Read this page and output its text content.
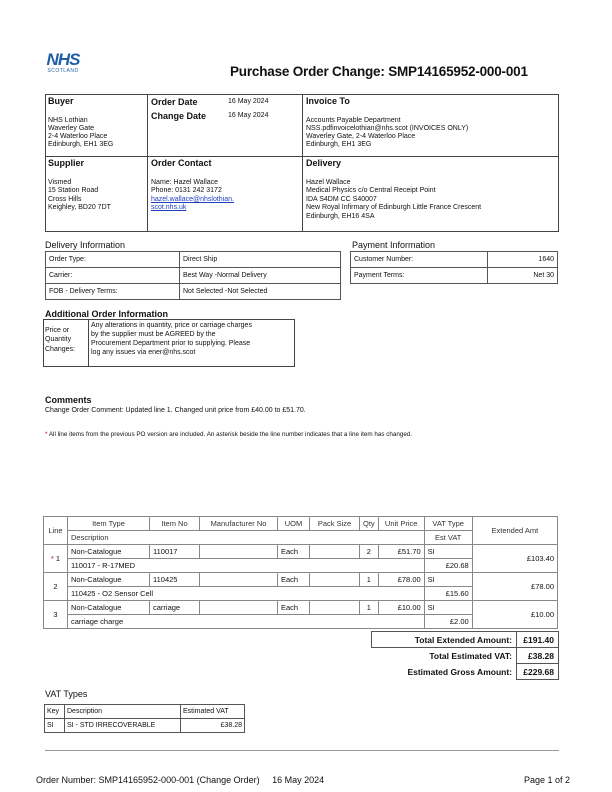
NHS
SCOTLAND	Purchase Order Change: SMP14165952-000-001
Buyer
NHS Lothian
Waverley Gate
2-4 Waterloo Place
Edinburgh, EH1 3EG
Order Date	16 May 2024
Change Date	16 May 2024
Invoice To
Accounts Payable Department
NSS.pdfinvoicelothian@nhs.scot (INVOICES ONLY)
Waverley Gate, 2-4 Waterloo Place
Edinburgh, EH1 3EG
Supplier
Vismed
15 Station Road
Cross Hills
Keighley, BD20 7DT
Order Contact
Name: Hazel Wallace
Phone: 0131 242 3172
hazel.wallace@nhslothian.
scot.nhs.uk
Delivery
Hazel Wallace
Medical Physics c/o Central Receipt Point
IDA S4DM CC S40007
New Royal Infirmary of Edinburgh Little France Crescent
Edinburgh, EH16 4SA
Delivery Information
Order Type:	Direct Ship
Carrier:	Best Way -Normal Delivery
FOB - Delivery Terms:	Not Selected -Not Selected
Payment Information
Customer Number:	1640
Payment Terms:	Net 30
Additional Order Information
Price or
Quantity
Changes:
Any alterations in quantity, price or carriage charges
by the supplier must be AGREED by the
Procurement Department prior to supplying. Please
log any issues via ener@nhs.scot
Comments
Change Order Comment: Updated line 1. Changed unit price from £40.00 to £51.70.
* All line items from the previous PO version are included. An asterisk beside the line number indicates that a line item has changed.
Line	Item Type	Item No	Manufacturer No	UOM	Pack Size	Qty	Unit Price	VAT Type	Extended Amt
	Description							Est VAT	
* 1	Non-Catalogue	110017		Each		2	£51.70	SI	£103.40
	110017 - R-17MED							£20.68	
2	Non-Catalogue	110425		Each		1	£78.00	SI	£78.00
	110425 - O2 Sensor Cell							£15.60	
3	Non-Catalogue	carriage		Each		1	£10.00	SI	£10.00
	carriage charge							£2.00	
Total Extended Amount:	£191.40
Total Estimated VAT:	£38.28
Estimated Gross Amount:	£229.68
VAT Types
Key	Description	Estimated VAT
SI	SI - STD IRRECOVERABLE	£38.28
Order Number: SMP14165952-000-001 (Change Order)     16 May 2024	Page 1 of 2
